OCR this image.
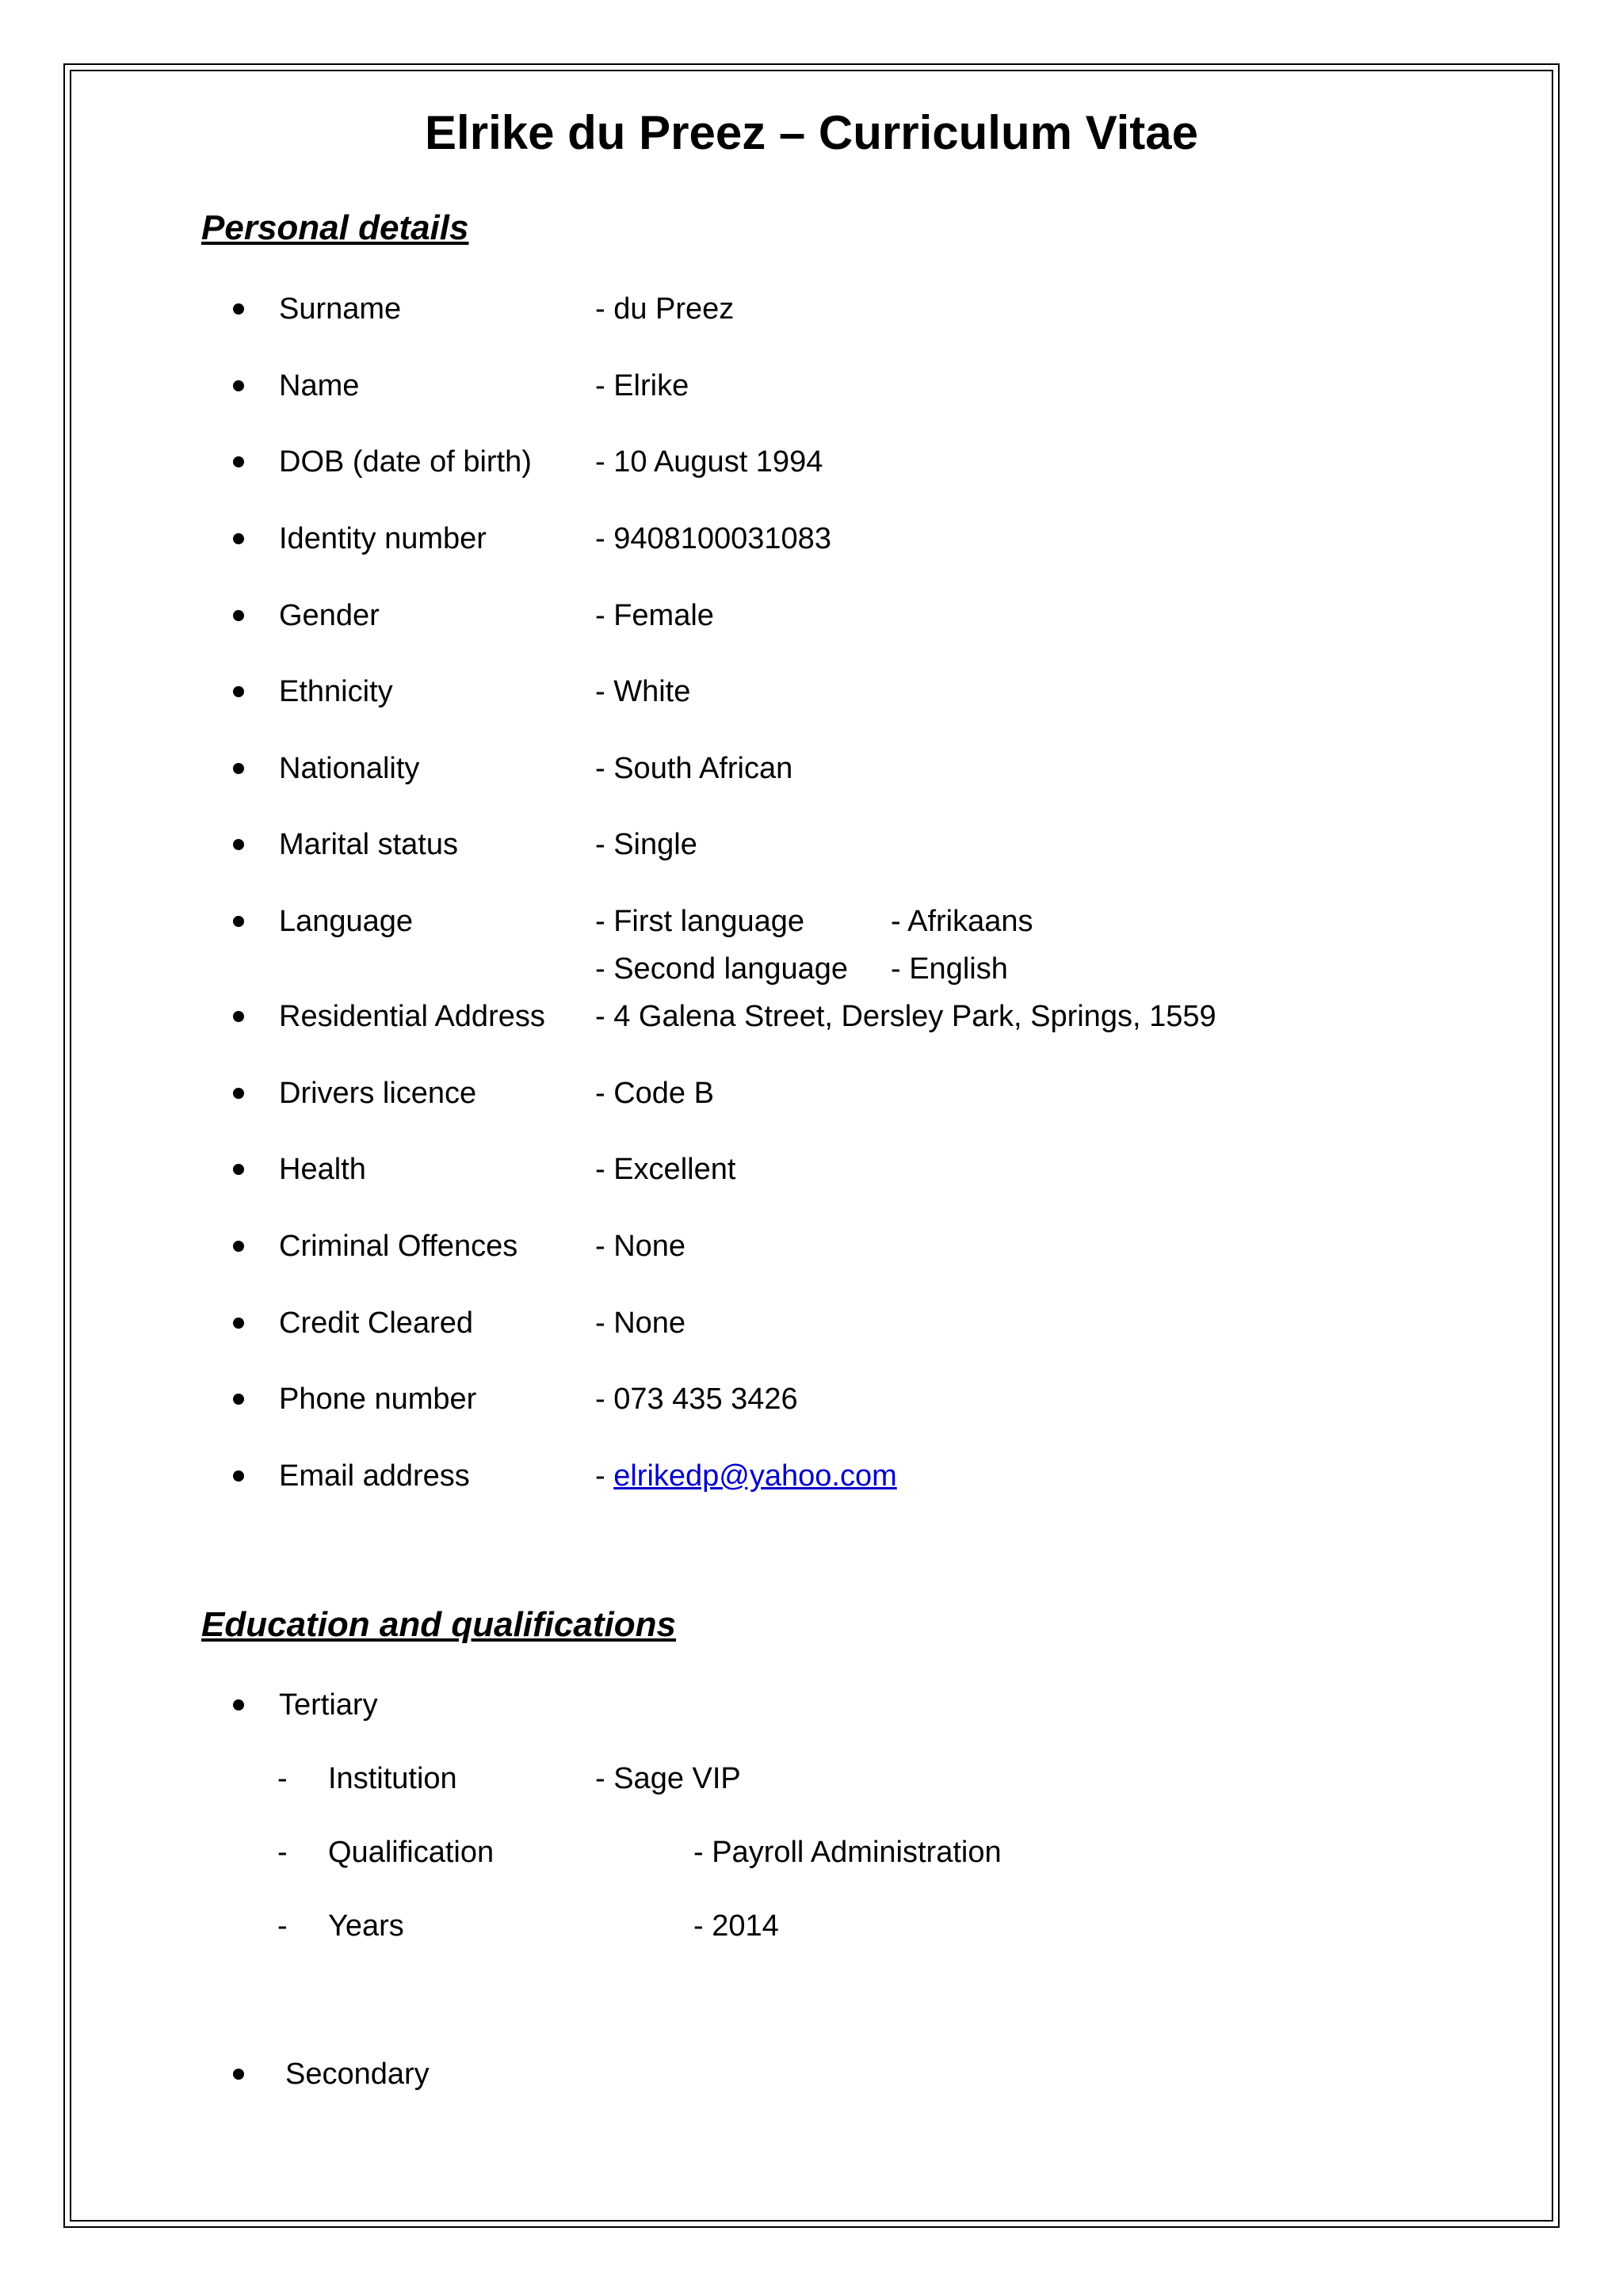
Elrike du Preez – Curriculum Vitae
Personal details
Surname	- du Preez
Name	- Elrike
DOB (date of birth) - 10 August 1994
Identity number	- 9408100031083
Gender	- Female
Ethnicity	- White
Nationality	- South African
Marital status	- Single
Language	- First language	- Afrikaans
- Second language - English
Residential Address - 4 Galena Street, Dersley Park, Springs, 1559
Drivers licence	- Code B
Health	- Excellent
Criminal Offences	- None
Credit Cleared	- None
Phone number	- 073 435 3426
Email address	- elrikedp@yahoo.com
Education and qualifications
Tertiary
- Institution	- Sage VIP
- Qualification	- Payroll Administration
- Years	- 2014
Secondary
